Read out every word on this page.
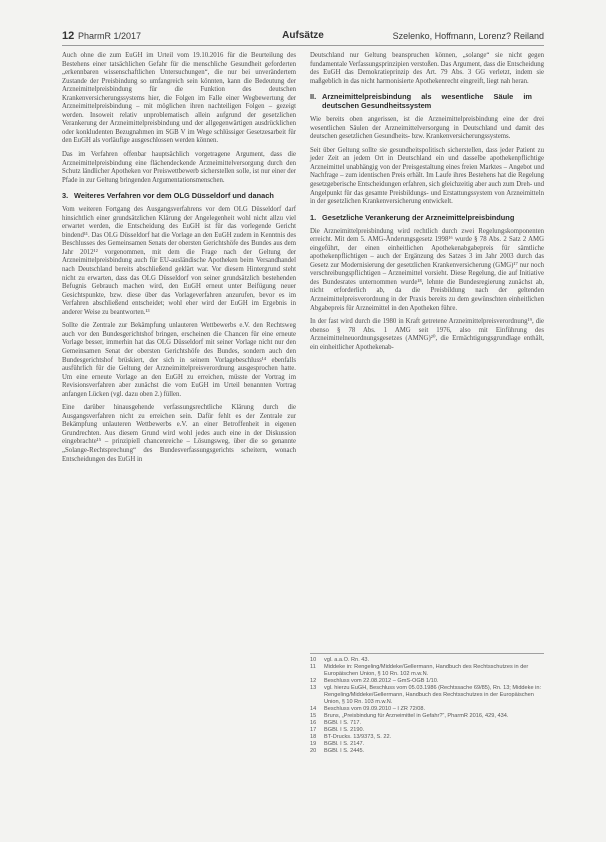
12 PharmR 1/2017	Aufsätze	Szelenko, Hoffmann, Lorenz? Reiland

Auch ohne die zum EuGH im Urteil vom 19.10.2016 für die Beurteilung des Bestehens einer tatsächlichen Gefahr für die menschliche Gesundheit geforderten „erkennbaren wissenschaftlichen Untersuchungen“, die nur bei unverändertem Zustande der Preisbindung so umfangreich sein könnten, kann die Bedeutung der Arzneimittelpreisbindung für die Funktion des deutschen Krankenversicherungssystems hier, die Folgen im Falle einer Wegbewertung der Arzneimittelpreisbindung – mit möglichen ihren nachteiligen Folgen – gezeigt werden. Insoweit relativ unproblematisch allein aufgrund der gesetzlichen Verankerung der Arzneimittelpreisbindung und der allgegenwärtigen ausdrücklichen oder konkludenten Bezugnahmen im SGB V im Wege schlüssiger Gesetzesarbeit für den EuGH als vorläufige ausgeschlossen werden können.

Das im Verfahren offenbar hauptsächlich vorgetragene Argument, dass die Arzneimittelpreisbindung eine flächendeckende Arzneimittelversorgung durch den Schutz ländlicher Apotheken vor Preiswettbewerb sicherstellen solle, ist nur einer der Pfade in zur Geltung bringenden Argumentationsmenschen.

3. Weiteres Verfahren vor dem OLG Düsseldorf und danach

Vom weiteren Fortgang des Ausgangsverfahrens vor dem OLG Düsseldorf darf hinsichtlich einer grundsätzlichen Klärung der Angelegenheit wohl nicht allzu viel erwartet werden, die Entscheidung des EuGH ist für das vorlegende Gericht bindend¹¹. Das OLG Düsseldorf hat die Vorlage an den EuGH zudem in Kenntnis des Beschlusses des Gemeinsamen Senats der obersten Gerichtshöfe des Bundes aus dem Jahr 2012¹² vorgenommen, mit dem die Frage nach der Geltung der Arzneimittelpreisbindung auch für EU-ausländische Apotheken beim Versandhandel nach Deutschland bereits abschließend geklärt war. Vor diesem Hintergrund steht nicht zu erwarten, dass das OLG Düsseldorf von seiner grundsätzlich bestehenden Befugnis Gebrauch machen wird, den EuGH erneut unter Beifügung neuer Gesichtspunkte, bzw. diese über das Vorlageverfahren anzurufen, bevor es im Verfahren abschließend entscheidet; wohl eher wird der EuGH im Ergebnis in anderer Weise zu beantworten.¹³

Sollte die Zentrale zur Bekämpfung unlauteren Wettbewerbs e.V. den Rechtsweg auch vor den Bundesgerichtshof bringen, erscheinen die Chancen für eine erneute Vorlage besser, immerhin hat das OLG Düsseldorf mit seiner Vorlage nicht nur den Gemeinsamen Senat der obersten Gerichtshöfe des Bundes, sondern auch den Bundesgerichtshof brüskiert, der sich in seinem Vorlagebeschluss¹⁴ ebenfalls ausführlich für die Geltung der Arzneimittelpreisverordnung ausgesprochen hatte. Um eine erneute Vorlage an den EuGH zu erreichen, müsste der Vortrag im Revisionsverfahren aber zunächst die vom EuGH im Urteil benannten Vortrag anfangen Lücken (vgl. dazu oben 2.) füllen.

Eine darüber hinausgehende verfassungsrechtliche Klärung durch die Ausgangsverfahren nicht zu erreichen sein. Dafür fehlt es der Zentrale zur Bekämpfung unlauteren Wettbewerbs e.V. an einer Betroffenheit in eigenen Grundrechten. Aus diesem Grund wird wohl jedes auch eine in der Diskussion eingebrachte¹⁵ – prinzipiell chancenreiche – Lösungsweg, über die so genannte „Solange-Rechtsprechung“ des Bundesverfassungsgerichts scheitern, wonach Entscheidungen des EuGH in

Deutschland nur Geltung beanspruchen können, „solange“ sie nicht gegen fundamentale Verfassungsprinzipien verstoßen. Das Argument, dass die Entscheidung des EuGH das Demokratieprinzip des Art. 79 Abs. 3 GG verletzt, indem sie maßgeblich in das nicht harmonisierte Apothekenrecht eingreift, liegt nah heran.

II. Arzneimittelpreisbindung als wesentliche Säule im deutschen Gesundheitssystem

Wie bereits oben angerissen, ist die Arzneimittelpreisbindung eine der drei wesentlichen Säulen der Arzneimittelversorgung in Deutschland und damit des deutschen gesetzlichen Gesundheits- bzw. Krankenversicherungssystems.

Seit über Geltung sollte sie gesundheitspolitisch sicherstellen, dass jeder Patient zu jeder Zeit an jedem Ort in Deutschland ein und dasselbe apothekenpflichtige Arzneimittel unabhängig von der Preisgestaltung eines freien Marktes – Angebot und Nachfrage – zum identischen Preis erhält. Im Laufe ihres Bestehens hat die Regelung gesetzgeberische Entscheidungen erfahren, sich gleichzeitig aber auch zum Dreh- und Angelpunkt für das gesamte Preisbildungs- und Erstattungssystem von Arzneimitteln in der gesetzlichen Krankenversicherung entwickelt.

1. Gesetzliche Verankerung der Arzneimittelpreisbindung

Die Arzneimittelpreisbindung wird rechtlich durch zwei Regelungskomponenten erreicht. Mit dem 5. AMG-Änderungsgesetz 1998¹⁶ wurde § 78 Abs. 2 Satz 2 AMG eingeführt, der einen einheitlichen Apothekenabgabepreis für sämtliche apothekenpflichtigen – auch der Ergänzung des Satzes 3 im Jahr 2003 durch das Gesetz zur Modernisierung der gesetzlichen Krankenversicherung (GMG)¹⁷ nur noch verschreibungspflichtigen – Arzneimittel vorsieht. Diese Regelung, die auf Initiative des Bundesrates unternommen wurde¹⁸, lehnte die Bundesregierung zunächst ab, nicht erforderlich ab, da die Preisbildung nach der geltenden Arzneimittelpreisverordnung in der Praxis bereits zu dem gewünschten einheitlichen Abgabepreis für Arzneimittel in den Apotheken führe.

In der fast wird durch die 1980 in Kraft getretene Arzneimittelpreisverordnung¹⁹, die ebenso § 78 Abs. 1 AMG seit 1976, also mit Einführung des Arzneimittelneuordnungsgesetzes (AMNG)²⁰, die Ermächtigungsgrundlage enthält, ein einheitlicher Apothekenab-

10	vgl. a.a.O. Rn. 43.
11	Middeke in: Rengeling/Middeke/Gellermann, Handbuch des Rechtsschutzes in der Europäischen Union, § 10 Rn. 102 m.w.N.
12	Beschluss vom 22.08.2012 – GmS-OGB 1/10.
13	vgl. hierzu EuGH, Beschluss vom 05.03.1986 (Rechtssache 69/85), Rn. 13; Middeke in: Rengeling/Middeke/Gellermann, Handbuch des Rechtsschutzes in der Europäischen Union, § 10 Rn. 103 m.w.N.
14	Beschluss vom 09.09.2010 – I ZR 72/08.
15	Bruns, „Preisbindung für Arzneimittel in Gefahr?“, PharmR 2016, 429, 434.
16	BGBl. I S. 717.
17	BGBl. I S. 2190.
18	BT-Drucks. 13/9373, S. 22.
19	BGBl. I S. 2147.
20	BGBl. I S. 2445.
